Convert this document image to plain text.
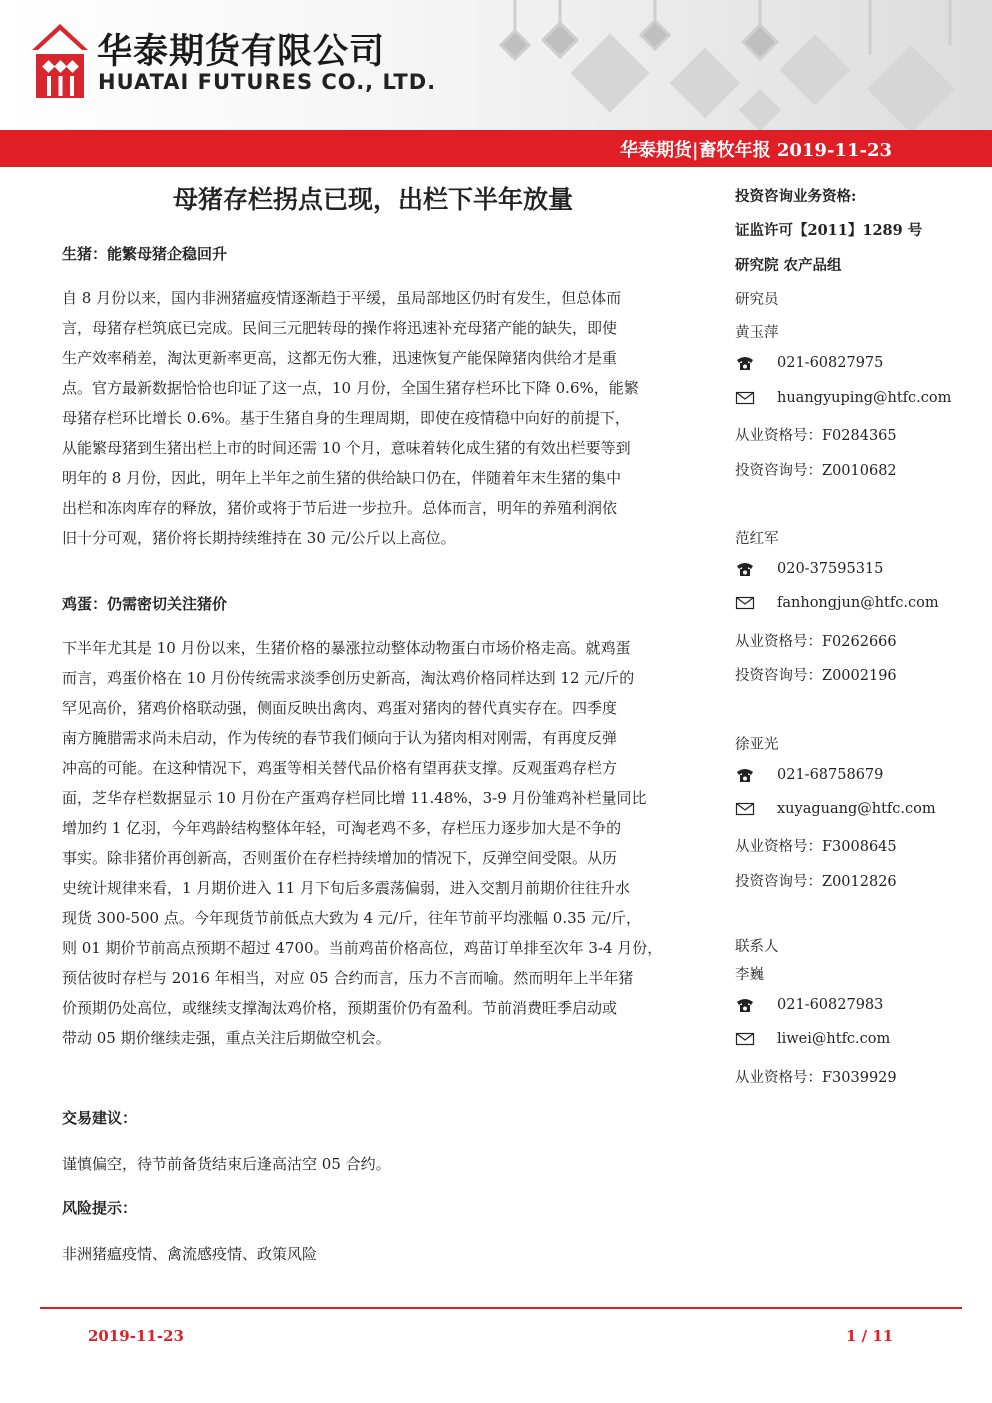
华泰期货有限公司
HUATAI FUTURES CO., LTD.
华泰期货|畜牧年报 2019-11-23
母猪存栏拐点已现，出栏下半年放量
生猪：能繁母猪企稳回升
自 8 月份以来，国内非洲猪瘟疫情逐渐趋于平缓，虽局部地区仍时有发生，但总体而
言，母猪存栏筑底已完成。民间三元肥转母的操作将迅速补充母猪产能的缺失，即使
生产效率稍差，淘汰更新率更高，这都无伤大雅，迅速恢复产能保障猪肉供给才是重
点。官方最新数据恰恰也印证了这一点，10 月份，全国生猪存栏环比下降 0.6%，能繁
母猪存栏环比增长 0.6%。基于生猪自身的生理周期，即使在疫情稳中向好的前提下，
从能繁母猪到生猪出栏上市的时间还需 10 个月，意味着转化成生猪的有效出栏要等到
明年的 8 月份，因此，明年上半年之前生猪的供给缺口仍在，伴随着年末生猪的集中
出栏和冻肉库存的释放，猪价或将于节后进一步拉升。总体而言，明年的养殖利润依
旧十分可观，猪价将长期持续维持在 30 元/公斤以上高位。
鸡蛋：仍需密切关注猪价
下半年尤其是 10 月份以来，生猪价格的暴涨拉动整体动物蛋白市场价格走高。就鸡蛋
而言，鸡蛋价格在 10 月份传统需求淡季创历史新高，淘汰鸡价格同样达到 12 元/斤的
罕见高价，猪鸡价格联动强，侧面反映出禽肉、鸡蛋对猪肉的替代真实存在。四季度
南方腌腊需求尚未启动，作为传统的春节我们倾向于认为猪肉相对刚需，有再度反弹
冲高的可能。在这种情况下，鸡蛋等相关替代品价格有望再获支撑。反观蛋鸡存栏方
面，芝华存栏数据显示 10 月份在产蛋鸡存栏同比增 11.48%，3-9 月份雏鸡补栏量同比
增加约 1 亿羽，今年鸡龄结构整体年轻，可淘老鸡不多，存栏压力逐步加大是不争的
事实。除非猪价再创新高，否则蛋价在存栏持续增加的情况下，反弹空间受限。从历
史统计规律来看，1 月期价进入 11 月下旬后多震荡偏弱，进入交割月前期价往往升水
现货 300-500 点。今年现货节前低点大致为 4 元/斤，往年节前平均涨幅 0.35 元/斤，
则 01 期价节前高点预期不超过 4700。当前鸡苗价格高位，鸡苗订单排至次年 3-4 月份，
预估彼时存栏与 2016 年相当，对应 05 合约而言，压力不言而喻。然而明年上半年猪
价预期仍处高位，或继续支撑淘汰鸡价格，预期蛋价仍有盈利。节前消费旺季启动或
带动 05 期价继续走强，重点关注后期做空机会。
交易建议：
谨慎偏空，待节前备货结束后逢高沽空 05 合约。
风险提示：
非洲猪瘟疫情、禽流感疫情、政策风险
投资咨询业务资格:
证监许可【2011】1289 号
研究院 农产品组
研究员
黄玉萍
021-60827975
huangyuping@htfc.com
从业资格号：F0284365
投资咨询号：Z0010682
范红军
020-37595315
fanhongjun@htfc.com
从业资格号：F0262666
投资咨询号：Z0002196
徐亚光
021-68758679
xuyaguang@htfc.com
从业资格号：F3008645
投资咨询号：Z0012826
联系人
李巍
021-60827983
liwei@htfc.com
从业资格号：F3039929
2019-11-23	1 / 11
